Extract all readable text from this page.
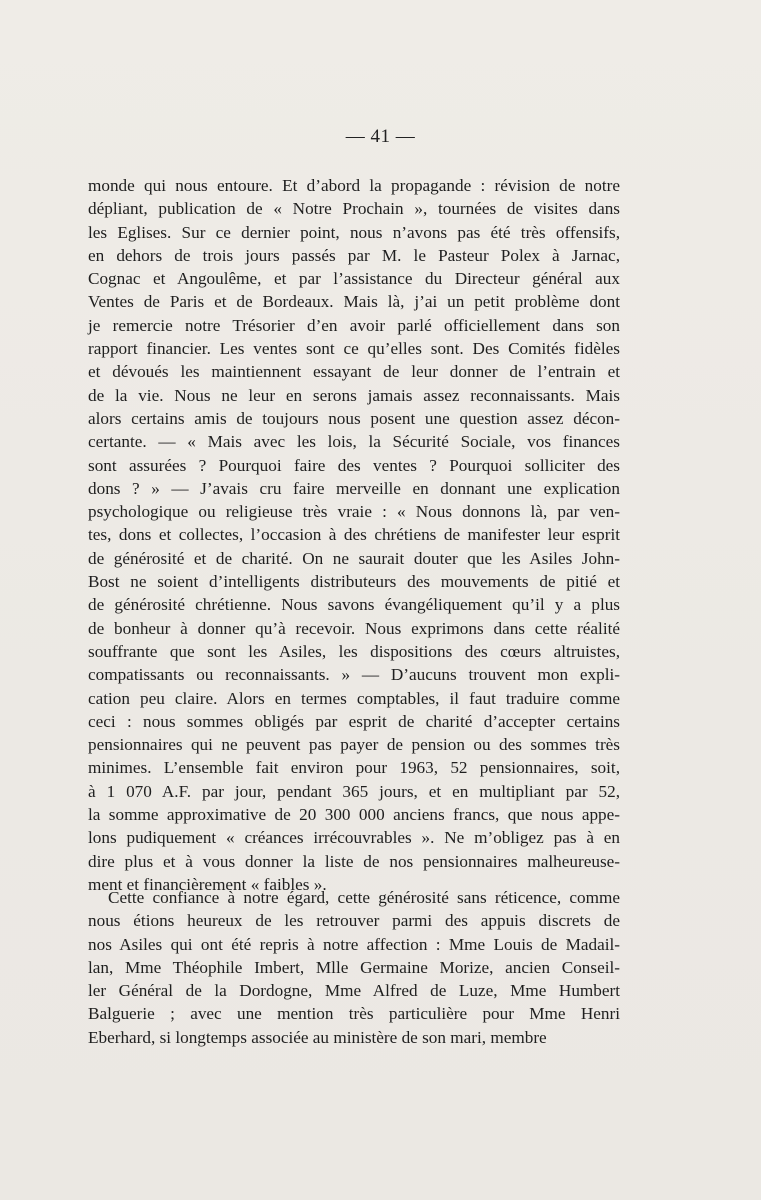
— 41 —
monde qui nous entoure. Et d’abord la propagande : révision de notre
dépliant, publication de « Notre Prochain », tournées de visites dans
les Eglises. Sur ce dernier point, nous n’avons pas été très offensifs,
en dehors de trois jours passés par M. le Pasteur Polex à Jarnac,
Cognac et Angoulême, et par l’assistance du Directeur général aux
Ventes de Paris et de Bordeaux. Mais là, j’ai un petit problème dont
je remercie notre Trésorier d’en avoir parlé officiellement dans son
rapport financier. Les ventes sont ce qu’elles sont. Des Comités fidèles
et dévoués les maintiennent essayant de leur donner de l’entrain et
de la vie. Nous ne leur en serons jamais assez reconnaissants. Mais
alors certains amis de toujours nous posent une question assez décon-
certante. — « Mais avec les lois, la Sécurité Sociale, vos finances
sont assurées ? Pourquoi faire des ventes ? Pourquoi solliciter des
dons ? » — J’avais cru faire merveille en donnant une explication
psychologique ou religieuse très vraie : « Nous donnons là, par ven-
tes, dons et collectes, l’occasion à des chrétiens de manifester leur esprit
de générosité et de charité. On ne saurait douter que les Asiles John-
Bost ne soient d’intelligents distributeurs des mouvements de pitié et
de générosité chrétienne. Nous savons évangéliquement qu’il y a plus
de bonheur à donner qu’à recevoir. Nous exprimons dans cette réalité
souffrante que sont les Asiles, les dispositions des cœurs altruistes,
compatissants ou reconnaissants. » — D’aucuns trouvent mon expli-
cation peu claire. Alors en termes comptables, il faut traduire comme
ceci : nous sommes obligés par esprit de charité d’accepter certains
pensionnaires qui ne peuvent pas payer de pension ou des sommes très
minimes. L’ensemble fait environ pour 1963, 52 pensionnaires, soit,
à 1 070 A.F. par jour, pendant 365 jours, et en multipliant par 52,
la somme approximative de 20 300 000 anciens francs, que nous appe-
lons pudiquement « créances irrécouvrables ». Ne m’obligez pas à en
dire plus et à vous donner la liste de nos pensionnaires malheureuse-
ment et financièrement « faibles ».
Cette confiance à notre égard, cette générosité sans réticence, comme
nous étions heureux de les retrouver parmi des appuis discrets de
nos Asiles qui ont été repris à notre affection : Mme Louis de Madail-
lan, Mme Théophile Imbert, Mlle Germaine Morize, ancien Conseil-
ler Général de la Dordogne, Mme Alfred de Luze, Mme Humbert
Balguerie ; avec une mention très particulière pour Mme Henri
Eberhard, si longtemps associée au ministère de son mari, membre
